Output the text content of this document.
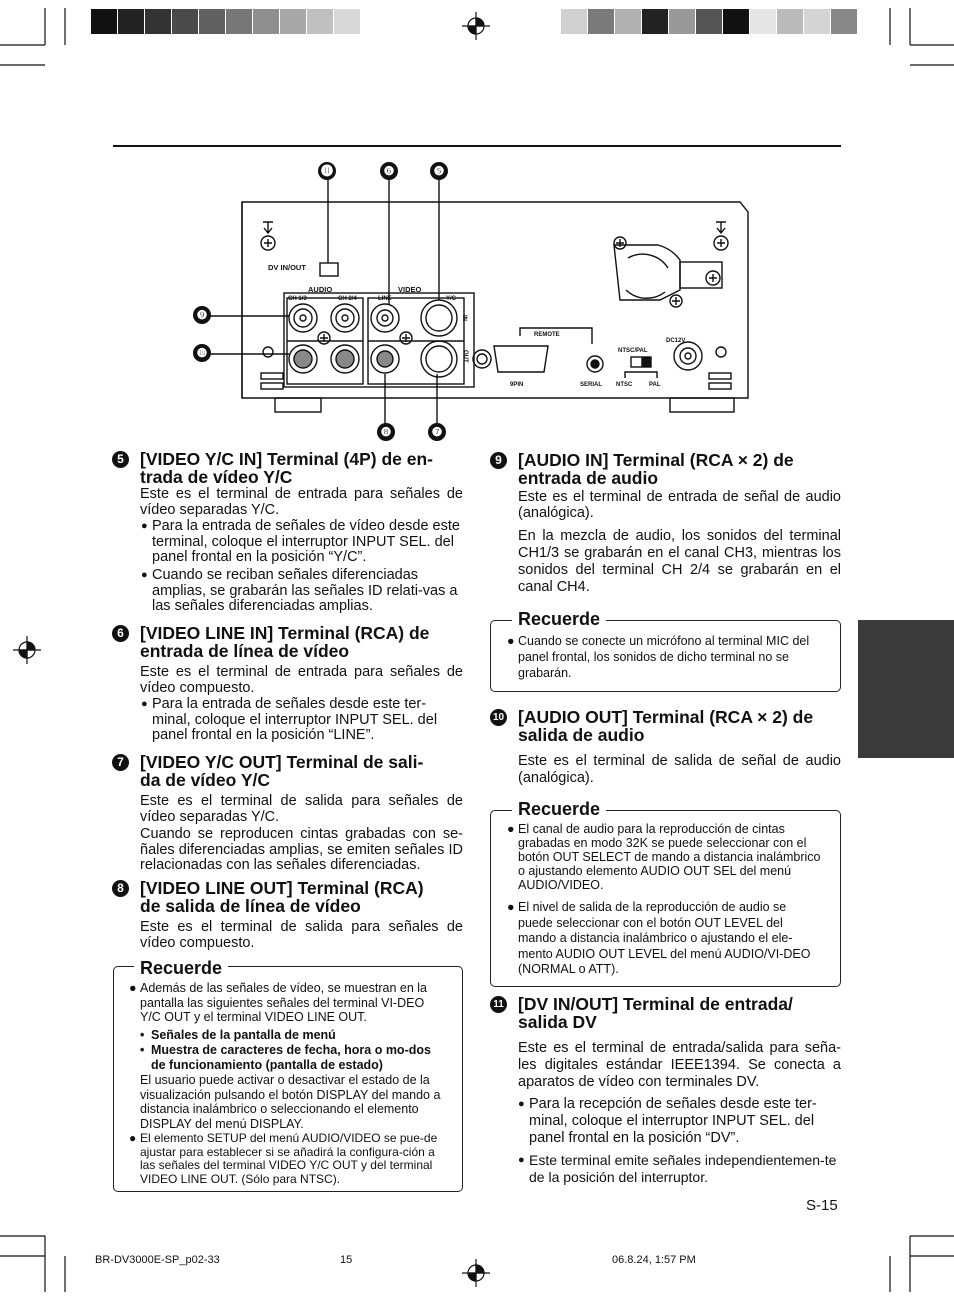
DV IN/OUT
AUDIO
CH 1/3	CH 2/4
VIDEO
LINE	Y/C
IN
OUT
REMOTE
9PIN	SERIAL
NTSC/PAL
NTSC	PAL
DC12V
⓫	❻	❺
❾
❿
❽	❼
5 [VIDEO Y/C IN] Terminal (4P) de en-
trada de vídeo Y/C
Este es el terminal de entrada para señales de vídeo separadas Y/C.
● Para la entrada de señales de vídeo desde este terminal, coloque el interruptor INPUT SEL. del panel frontal en la posición “Y/C”.
● Cuando se reciban señales diferenciadas amplias, se grabarán las señales ID relati-vas a las señales diferenciadas amplias.
6 [VIDEO LINE IN] Terminal (RCA) de
entrada de línea de vídeo
Este es el terminal de entrada para señales de vídeo compuesto.
● Para la entrada de señales desde este ter-minal, coloque el interruptor INPUT SEL. del panel frontal en la posición “LINE”.
7 [VIDEO Y/C OUT] Terminal de sali-
da de vídeo Y/C
Este es el terminal de salida para señales de vídeo separadas Y/C.
Cuando se reproducen cintas grabadas con se-ñales diferenciadas amplias, se emiten señales ID relacionadas con las señales diferenciadas.
8 [VIDEO LINE OUT] Terminal (RCA)
de salida de línea de vídeo
Este es el terminal de salida para señales de vídeo compuesto.
Recuerde
● Además de las señales de vídeo, se muestran en la pantalla las siguientes señales del terminal VI-DEO Y/C OUT y el terminal VIDEO LINE OUT.
• Señales de la pantalla de menú
• Muestra de caracteres de fecha, hora o mo-dos de funcionamiento (pantalla de estado)
El usuario puede activar o desactivar el estado de la visualización pulsando el botón DISPLAY del mando a distancia inalámbrico o seleccionando el elemento DISPLAY del menú DISPLAY.
● El elemento SETUP del menú AUDIO/VIDEO se pue-de ajustar para establecer si se añadirá la configura-ción a las señales del terminal VIDEO Y/C OUT y del terminal VIDEO LINE OUT. (Sólo para NTSC).
9 [AUDIO IN] Terminal (RCA × 2) de
entrada de audio
Este es el terminal de entrada de señal de audio (analógica).
En la mezcla de audio, los sonidos del terminal CH1/3 se grabarán en el canal CH3, mientras los sonidos del terminal CH 2/4 se grabarán en el canal CH4.
Recuerde
● Cuando se conecte un micrófono al terminal MIC del panel frontal, los sonidos de dicho terminal no se grabarán.
10 [AUDIO OUT] Terminal (RCA × 2) de
salida de audio
Este es el terminal de salida de señal de audio (analógica).
Recuerde
● El canal de audio para la reproducción de cintas grabadas en modo 32K se puede seleccionar con el botón OUT SELECT de mando a distancia inalámbrico o ajustando elemento AUDIO OUT SEL del menú AUDIO/VIDEO.
● El nivel de salida de la reproducción de audio se puede seleccionar con el botón OUT LEVEL del mando a distancia inalámbrico o ajustando el ele-mento AUDIO OUT LEVEL del menú AUDIO/VI-DEO (NORMAL o ATT).
11 [DV IN/OUT] Terminal de entrada/
salida DV
Este es el terminal de entrada/salida para seña-les digitales estándar IEEE1394. Se conecta a aparatos de vídeo con terminales DV.
● Para la recepción de señales desde este ter-minal, coloque el interruptor INPUT SEL. del panel frontal en la posición “DV”.
● Este terminal emite señales independientemen-te de la posición del interruptor.
S-15
BR-DV3000E-SP_p02-33	15	06.8.24, 1:57 PM
